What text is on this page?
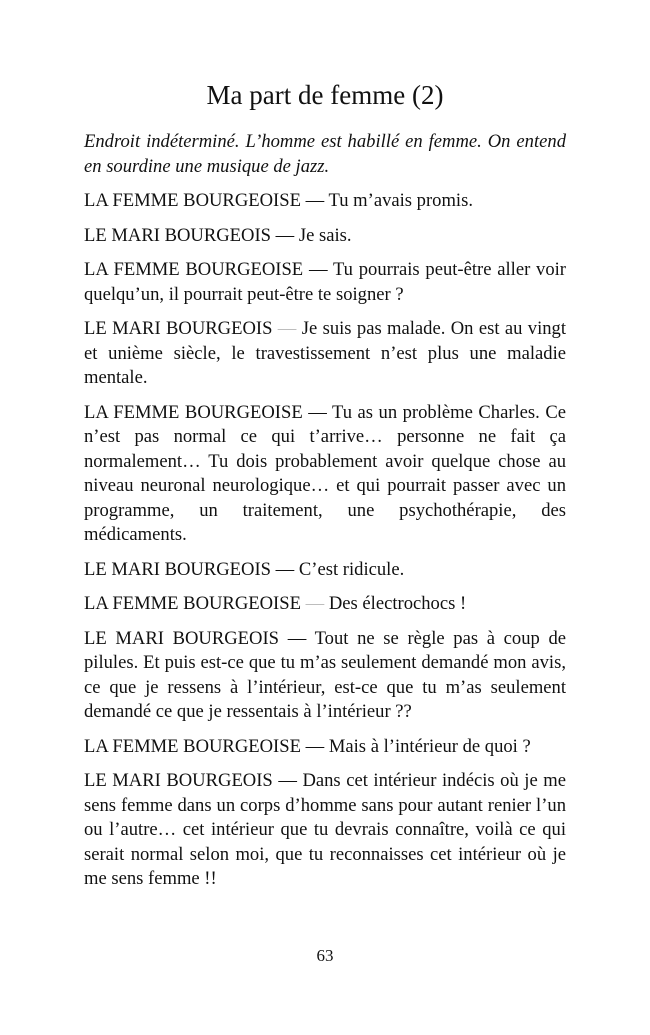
Ma part de femme (2)

Endroit indéterminé. L’homme est habillé en femme. On entend en sourdine une musique de jazz.

LA FEMME BOURGEOISE — Tu m’avais promis.

LE MARI BOURGEOIS — Je sais.

LA FEMME BOURGEOISE — Tu pourrais peut-être aller voir quelqu’un, il pourrait peut-être te soigner ?

LE MARI BOURGEOIS — Je suis pas malade. On est au vingt et unième siècle, le travestissement n’est plus une maladie mentale.

LA FEMME BOURGEOISE — Tu as un problème Charles. Ce n’est pas normal ce qui t’arrive… personne ne fait ça normalement… Tu dois probablement avoir quelque chose au niveau neuronal neurologique… et qui pourrait passer avec un programme, un traitement, une psychothérapie, des médicaments.

LE MARI BOURGEOIS — C’est ridicule.

LA FEMME BOURGEOISE — Des électrochocs !

LE MARI BOURGEOIS — Tout ne se règle pas à coup de pilules. Et puis est-ce que tu m’as seulement demandé mon avis, ce que je ressens à l’intérieur, est-ce que tu m’as seulement demandé ce que je ressentais à l’intérieur ??

LA FEMME BOURGEOISE — Mais à l’intérieur de quoi ?

LE MARI BOURGEOIS — Dans cet intérieur indécis où je me sens femme dans un corps d’homme sans pour autant renier l’un ou l’autre… cet intérieur que tu devrais connaître, voilà ce qui serait normal selon moi, que tu reconnaisses cet intérieur où je me sens femme !!

63
